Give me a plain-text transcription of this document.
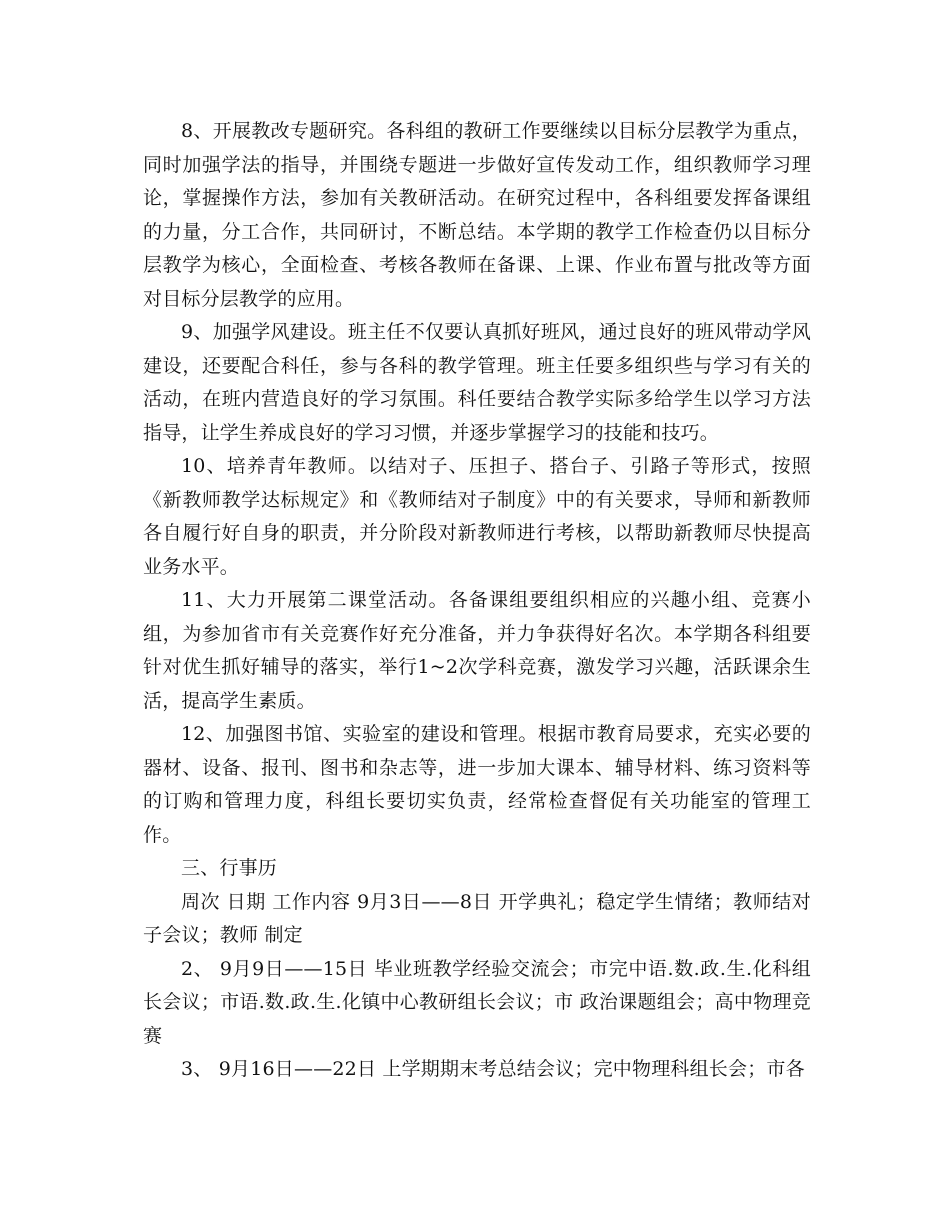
8、开展教改专题研究。各科组的教研工作要继续以目标分层教学为重点，同时加强学法的指导，并围绕专题进一步做好宣传发动工作，组织教师学习理论，掌握操作方法，参加有关教研活动。在研究过程中，各科组要发挥备课组的力量，分工合作，共同研讨，不断总结。本学期的教学工作检查仍以目标分层教学为核心，全面检查、考核各教师在备课、上课、作业布置与批改等方面对目标分层教学的应用。

9、加强学风建设。班主任不仅要认真抓好班风，通过良好的班风带动学风建设，还要配合科任，参与各科的教学管理。班主任要多组织些与学习有关的活动，在班内营造良好的学习氛围。科任要结合教学实际多给学生以学习方法指导，让学生养成良好的学习习惯，并逐步掌握学习的技能和技巧。

10、培养青年教师。以结对子、压担子、搭台子、引路子等形式，按照《新教师教学达标规定》和《教师结对子制度》中的有关要求，导师和新教师各自履行好自身的职责，并分阶段对新教师进行考核，以帮助新教师尽快提高业务水平。

11、大力开展第二课堂活动。各备课组要组织相应的兴趣小组、竞赛小组，为参加省市有关竞赛作好充分准备，并力争获得好名次。本学期各科组要针对优生抓好辅导的落实，举行1~2次学科竞赛，激发学习兴趣，活跃课余生活，提高学生素质。

12、加强图书馆、实验室的建设和管理。根据市教育局要求，充实必要的器材、设备、报刊、图书和杂志等，进一步加大课本、辅导材料、练习资料等的订购和管理力度，科组长要切实负责，经常检查督促有关功能室的管理工作。

三、行事历

周次 日期 工作内容 9月3日——8日 开学典礼；稳定学生情绪；教师结对子会议；教师 制定

2、 9月9日——15日 毕业班教学经验交流会；市完中语.数.政.生.化科组长会议；市语.数.政.生.化镇中心教研组长会议；市 政治课题组会；高中物理竞赛

3、 9月16日——22日 上学期期末考总结会议；完中物理科组长会；市各
